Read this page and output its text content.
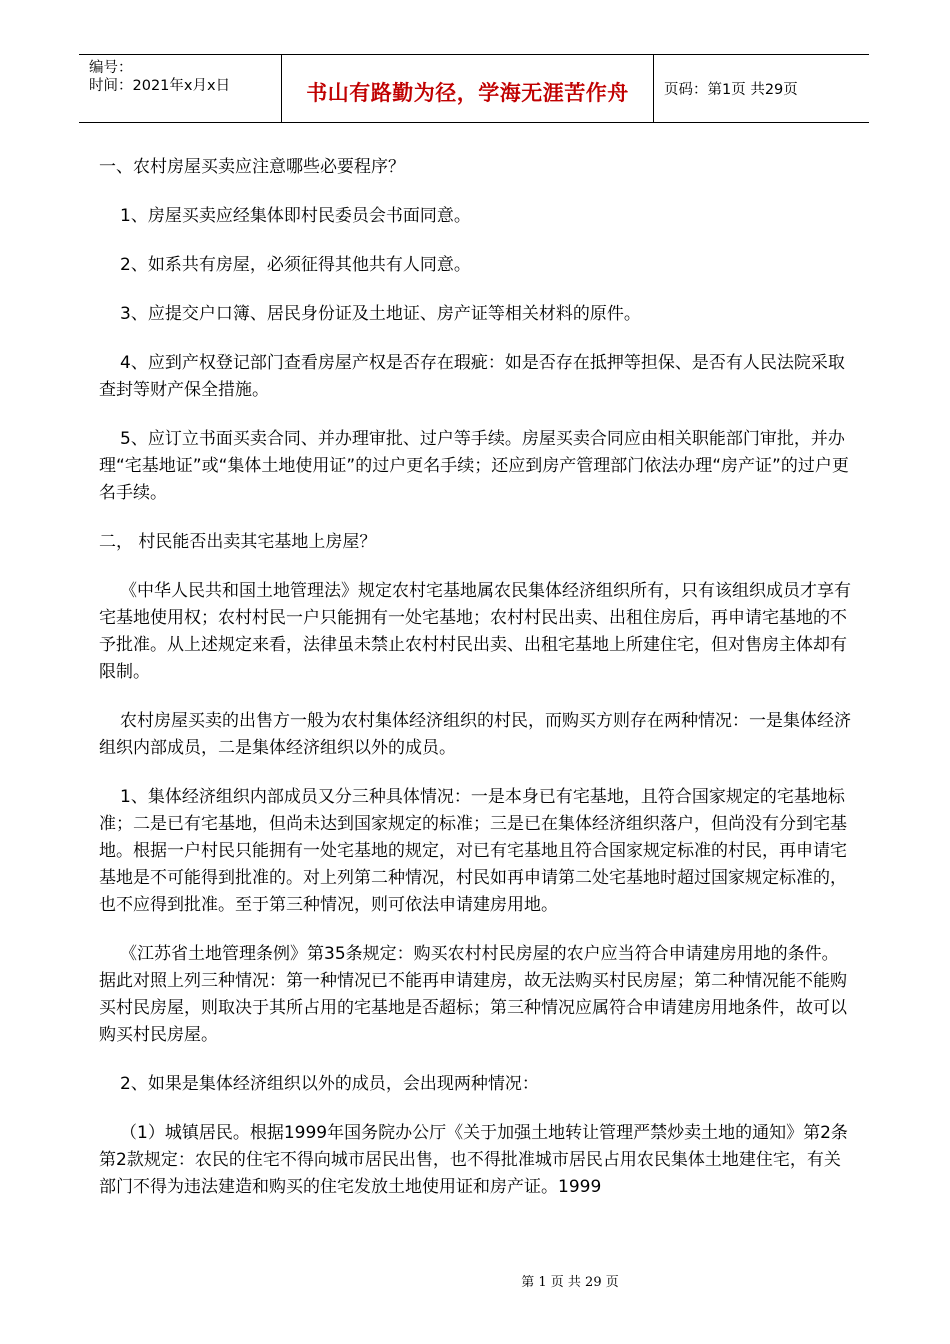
编号：
时间：2021年x月x日	书山有路勤为径，学海无涯苦作舟	页码：第1页 共29页

一、农村房屋买卖应注意哪些必要程序？

1、房屋买卖应经集体即村民委员会书面同意。

2、如系共有房屋，必须征得其他共有人同意。

3、应提交户口簿、居民身份证及土地证、房产证等相关材料的原件。

4、应到产权登记部门查看房屋产权是否存在瑕疵：如是否存在抵押等担保、是否有人民法院采取查封等财产保全措施。

5、应订立书面买卖合同、并办理审批、过户等手续。房屋买卖合同应由相关职能部门审批，并办理“宅基地证”或“集体土地使用证”的过户更名手续；还应到房产管理部门依法办理“房产证”的过户更名手续。

二， 村民能否出卖其宅基地上房屋？

《中华人民共和国土地管理法》规定农村宅基地属农民集体经济组织所有，只有该组织成员才享有宅基地使用权；农村村民一户只能拥有一处宅基地；农村村民出卖、出租住房后，再申请宅基地的不予批准。从上述规定来看，法律虽未禁止农村村民出卖、出租宅基地上所建住宅，但对售房主体却有限制。

农村房屋买卖的出售方一般为农村集体经济组织的村民，而购买方则存在两种情况：一是集体经济组织内部成员，二是集体经济组织以外的成员。

1、集体经济组织内部成员又分三种具体情况：一是本身已有宅基地，且符合国家规定的宅基地标准；二是已有宅基地，但尚未达到国家规定的标准；三是已在集体经济组织落户，但尚没有分到宅基地。根据一户村民只能拥有一处宅基地的规定，对已有宅基地且符合国家规定标准的村民，再申请宅基地是不可能得到批准的。对上列第二种情况，村民如再申请第二处宅基地时超过国家规定标准的，也不应得到批准。至于第三种情况，则可依法申请建房用地。

《江苏省土地管理条例》第35条规定：购买农村村民房屋的农户应当符合申请建房用地的条件。据此对照上列三种情况：第一种情况已不能再申请建房，故无法购买村民房屋；第二种情况能不能购买村民房屋，则取决于其所占用的宅基地是否超标；第三种情况应属符合申请建房用地条件，故可以购买村民房屋。

2、如果是集体经济组织以外的成员，会出现两种情况：

（1）城镇居民。根据1999年国务院办公厅《关于加强土地转让管理严禁炒卖土地的通知》第2条第2款规定：农民的住宅不得向城市居民出售，也不得批准城市居民占用农民集体土地建住宅，有关部门不得为违法建造和购买的住宅发放土地使用证和房产证。1999

第 1 页 共 29 页
